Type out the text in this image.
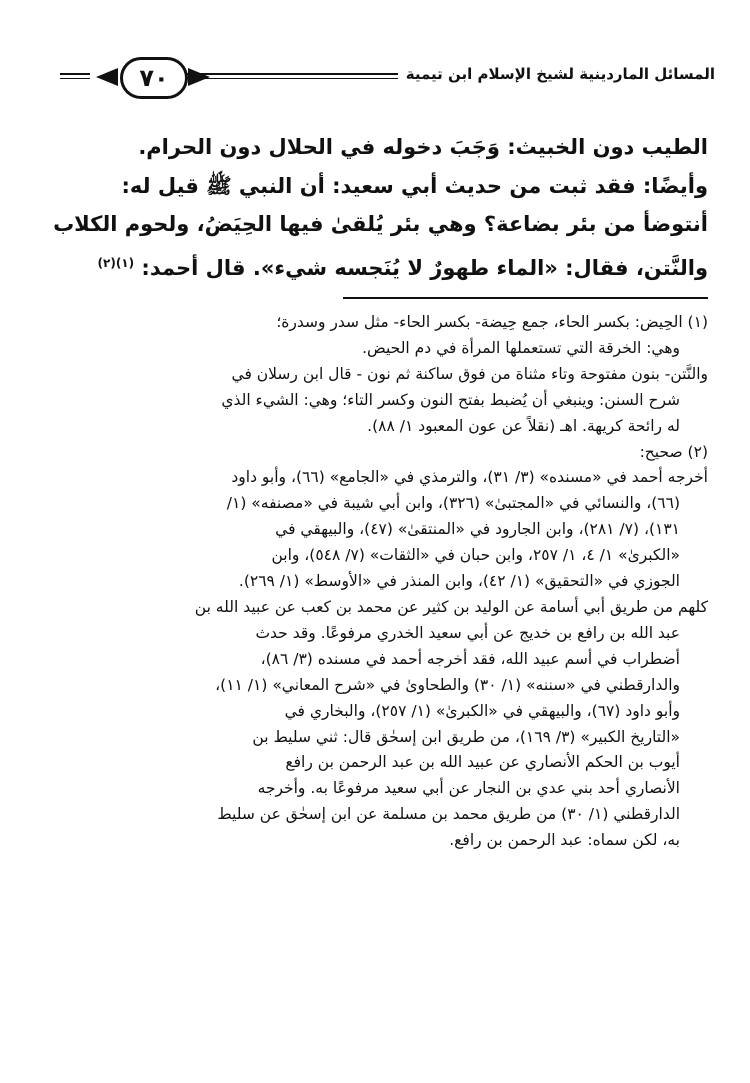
المسائل الماردينية لشيخ الإسلام ابن تيمية
٧٠

الطيب دون الخبيث: وَجَبَ دخوله في الحلال دون الحرام.

وأيضًا: فقد ثبت من حديث أبي سعيد: أن النبي ﷺ قيل له:

أنتوضأ من بئر بضاعة؟ وهي بئر يُلقىٰ فيها الحِيَضُ، ولحوم الكلاب

والنَّتن، فقال: «الماء طهورٌ لا يُنَجسه شيء». قال أحمد: $^{(١)(٢)}$

(١) الحِيض: بكسر الحاء، جمع حِيضة- بكسر الحاء- مثل سدر وسدرة؛

وهي: الخرقة التي تستعملها المرأة في دم الحيض.

والنَّتن- بنون مفتوحة وتاء مثناة من فوق ساكنة ثم نون - قال ابن رسلان في

شرح السنن: وينبغي أن يُضبط بفتح النون وكسر التاء؛ وهي: الشيء الذي

له رائحة كريهة. اهـ (نقلاً عن عون المعبود ١/ ٨٨).

(٢) صحيح:

أخرجه أحمد في «مسنده» (٣/ ٣١)، والترمذي في «الجامع» (٦٦)، وأبو داود

(٦٦)، والنسائي في «المجتبىٰ» (٣٢٦)، وابن أبي شيبة في «مصنفه» (١/

١٣١)، (٧/ ٢٨١)، وابن الجارود في «المنتقىٰ» (٤٧)، والبيهقي في

«الكبرىٰ» ١/ ٤، ١/ ٢٥٧، وابن حبان في «الثقات» (٧/ ٥٤٨)، وابن

الجوزي في «التحقيق» (١/ ٤٢)، وابن المنذر في «الأوسط» (١/ ٢٦٩).

كلهم من طريق أبي أسامة عن الوليد بن كثير عن محمد بن كعب عن عبيد الله بن

عبد الله بن رافع بن خديج عن أبي سعيد الخدري مرفوعًا. وقد حدث

أضطراب في أسم عبيد الله، فقد أخرجه أحمد في مسنده (٣/ ٨٦)،

والدارقطني في «سننه» (١/ ٣٠) والطحاوىٰ في «شرح المعاني» (١/ ١١)،

وأبو داود (٦٧)، والبيهقي في «الكبرىٰ» (١/ ٢٥٧)، والبخاري في

«التاريخ الكبير» (٣/ ١٦٩)، من طريق ابن إسحٰق قال: ثني سليط بن

أيوب بن الحكم الأنصاري عن عبيد الله بن عبد الرحمن بن رافع

الأنصاري أحد بني عدي بن النجار عن أبي سعيد مرفوعًا به. وأخرجه

الدارقطني (١/ ٣٠) من طريق محمد بن مسلمة عن ابن إسحٰق عن سليط

به، لكن سماه: عبد الرحمن بن رافع.
